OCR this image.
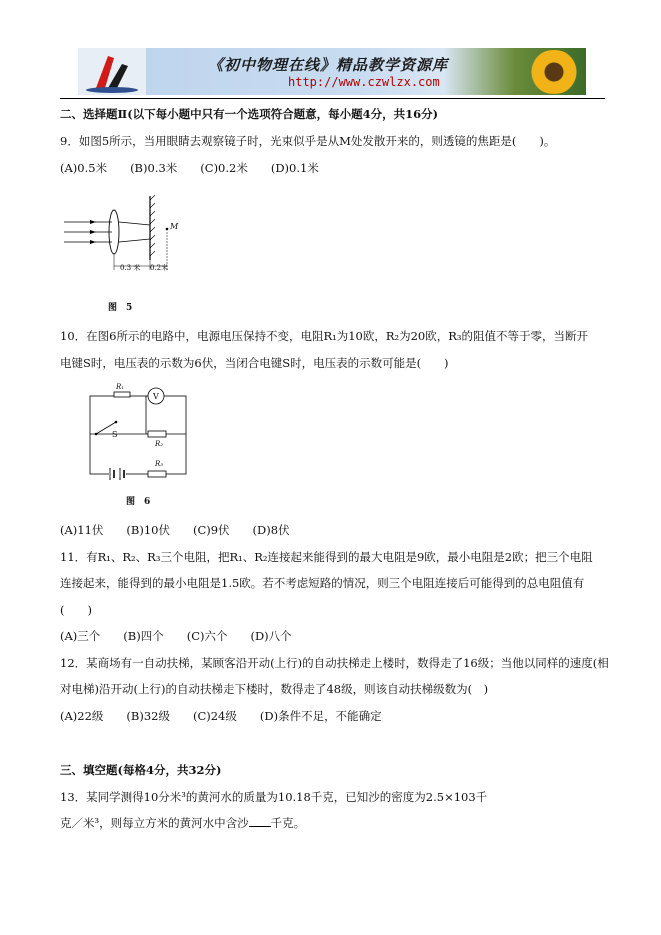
《初中物理在线》精品教学资源库
http://www.czwlzx.com
二、选择题Ⅱ(以下每小题中只有一个选项符合题意，每小题4分，共16分)
9．如图5所示，当用眼睛去观察镜子时，光束似乎是从M处发散开来的，则透镜的焦距是(　　)。
(A)0.5米　　(B)0.3米　　(C)0.2米　　(D)0.1米
M
0.3 米 0.2米
图　5
10．在图6所示的电路中，电源电压保持不变，电阻R₁为10欧，R₂为20欧，R₃的阻值不等于零，当断开
电键S时，电压表的示数为6伏，当闭合电键S时，电压表的示数可能是(　　)
R₁
V
S
R₂
R₃
图　6
(A)11伏　　(B)10伏　　(C)9伏　　(D)8伏
11．有R₁、R₂、R₃三个电阻，把R₁、R₂连接起来能得到的最大电阻是9欧，最小电阻是2欧；把三个电阻
连接起来，能得到的最小电阻是1.5欧。若不考虑短路的情况，则三个电阻连接后可能得到的总电阻值有
(　　)
(A)三个　　(B)四个　　(C)六个　　(D)八个
12．某商场有一自动扶梯，某顾客沿开动(上行)的自动扶梯走上楼时，数得走了16级；当他以同样的速度(相
对电梯)沿开动(上行)的自动扶梯走下楼时，数得走了48级，则该自动扶梯级数为(　)
(A)22级　　(B)32级　　(C)24级　　(D)条件不足，不能确定
三、填空题(每格4分，共32分)
13．某同学测得10分米³的黄河水的质量为10.18千克，已知沙的密度为2.5×103千
克／米³，则每立方米的黄河水中含沙 千克。
